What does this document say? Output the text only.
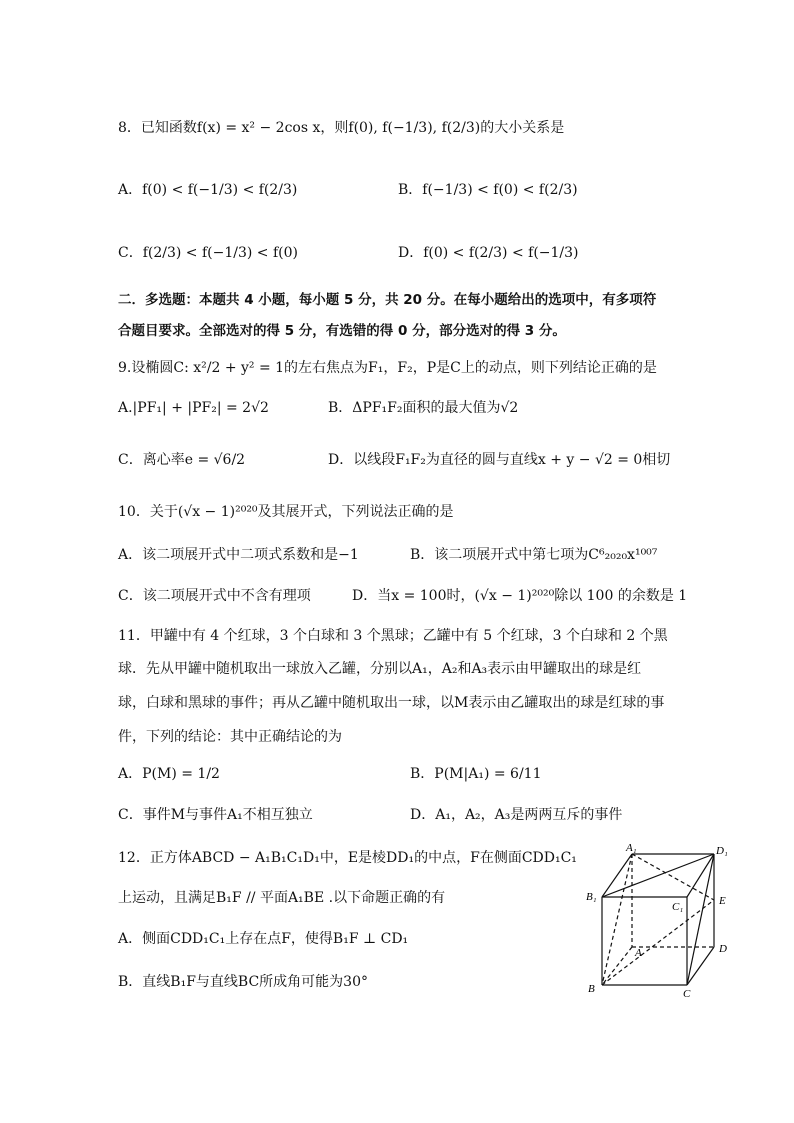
8．已知函数f(x) = x² − 2cos x，则f(0), f(−1/3), f(2/3)的大小关系是
A．f(0) < f(−1/3) < f(2/3)	B．f(−1/3) < f(0) < f(2/3)
C．f(2/3) < f(−1/3) < f(0)	D．f(0) < f(2/3) < f(−1/3)
二．多选题：本题共 4 小题，每小题 5 分，共 20 分。在每小题给出的选项中，有多项符
合题目要求。全部选对的得 5 分，有选错的得 0 分，部分选对的得 3 分。
9.设椭圆C: x²/2 + y² = 1的左右焦点为F₁，F₂，P是C上的动点，则下列结论正确的是
A.|PF₁| + |PF₂| = 2√2	B．ΔPF₁F₂面积的最大值为√2
C．离心率e = √6/2	D．以线段F₁F₂为直径的圆与直线x + y − √2 = 0相切
10．关于(√x − 1)²⁰²⁰及其展开式，下列说法正确的是
A．该二项展开式中二项式系数和是−1	B．该二项展开式中第七项为C⁶₂₀₂₀x¹⁰⁰⁷
C．该二项展开式中不含有理项	D．当x = 100时，(√x − 1)²⁰²⁰除以 100 的余数是 1
11．甲罐中有 4 个红球，3 个白球和 3 个黑球；乙罐中有 5 个红球，3 个白球和 2 个黑
球．先从甲罐中随机取出一球放入乙罐，分别以A₁，A₂和A₃表示由甲罐取出的球是红
球，白球和黑球的事件；再从乙罐中随机取出一球，以M表示由乙罐取出的球是红球的事
件，下列的结论：其中正确结论的为
A．P(M) = 1/2	B．P(M|A₁) = 6/11
C．事件M与事件A₁不相互独立	D．A₁，A₂，A₃是两两互斥的事件
12．正方体ABCD − A₁B₁C₁D₁中，E是棱DD₁的中点，F在侧面CDD₁C₁
上运动，且满足B₁F // 平面A₁BE .以下命题正确的有
A．侧面CDD₁C₁上存在点F，使得B₁F ⊥ CD₁
B．直线B₁F与直线BC所成角可能为30°
A₁	D₁
B₁
C₁	E
D
A
B	C
